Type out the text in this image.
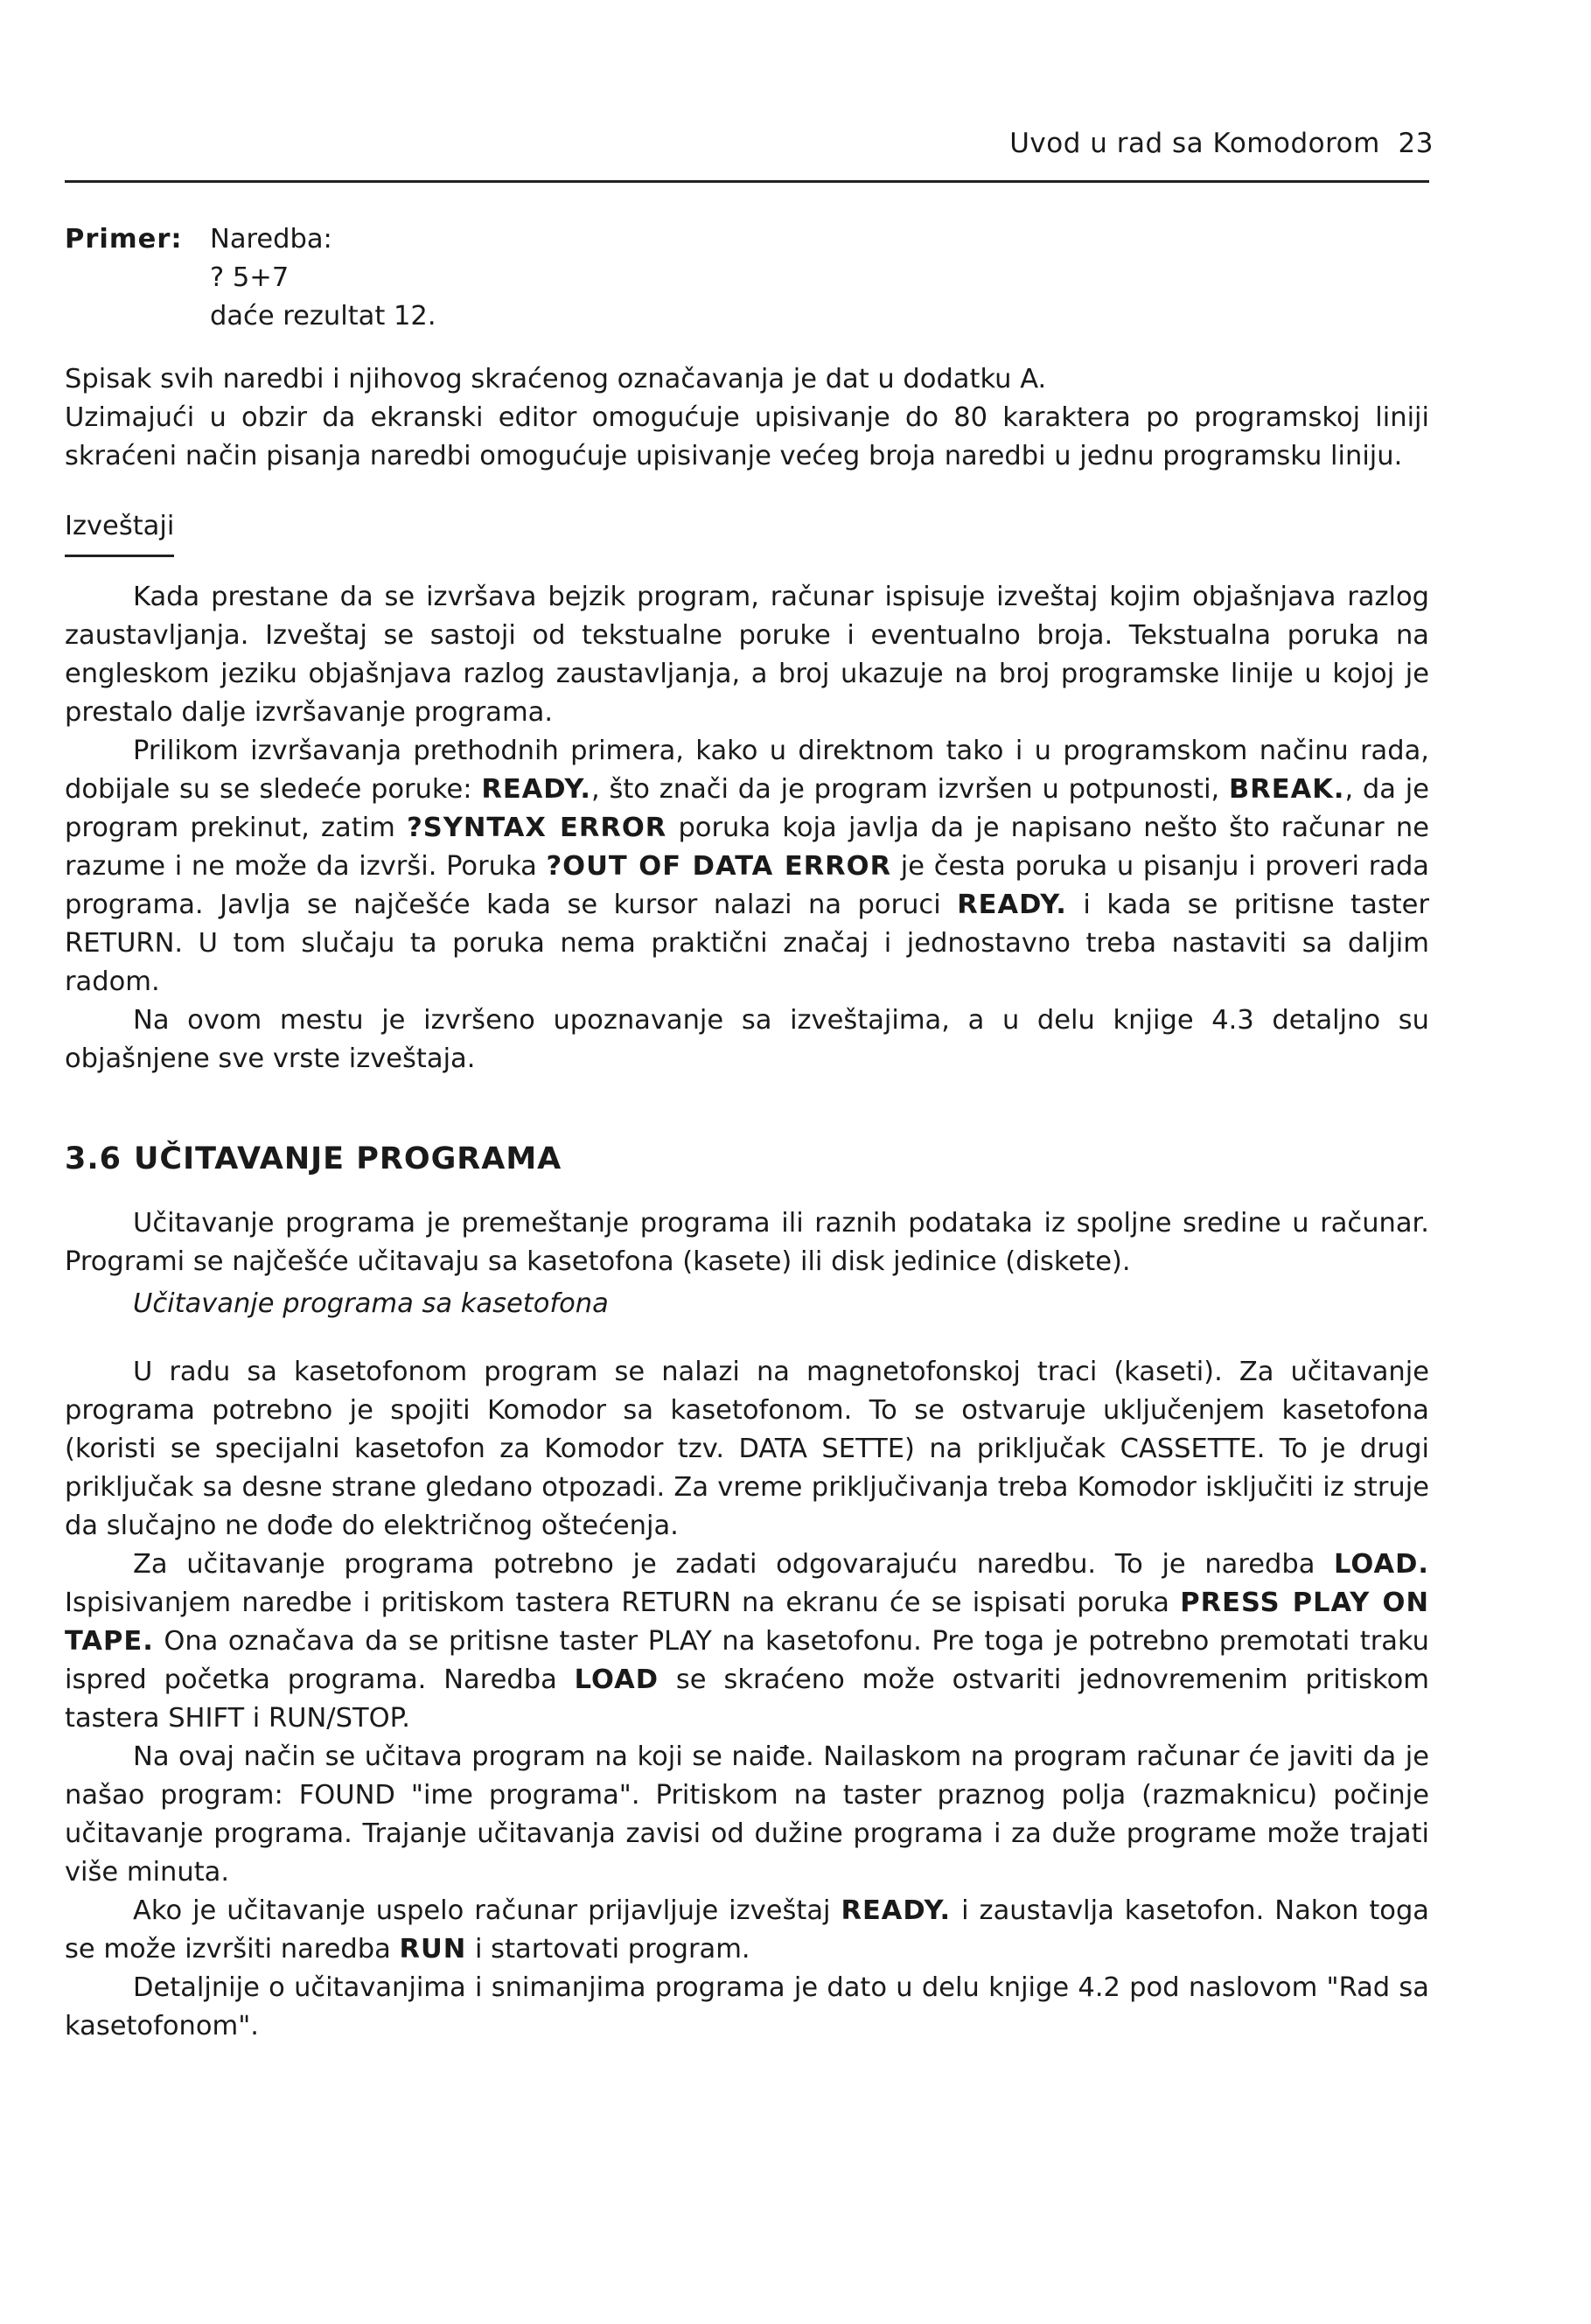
Uvod u rad sa Komodorom 23
Primer:	Naredba:
? 5+7
daće rezultat 12.

Spisak svih naredbi i njihovog skraćenog označavanja je dat u dodatku A.

Uzimajući u obzir da ekranski editor omogućuje upisivanje do 80 karaktera po programskoj liniji skraćeni način pisanja naredbi omogućuje upisivanje većeg broja naredbi u jednu programsku liniju.

Izveštaji

Kada prestane da se izvršava bejzik program, računar ispisuje izveštaj kojim objašnjava razlog zaustavljanja. Izveštaj se sastoji od tekstualne poruke i eventualno broja. Tekstualna poruka na engleskom jeziku objašnjava razlog zaustavljanja, a broj ukazuje na broj programske linije u kojoj je prestalo dalje izvršavanje programa.

Prilikom izvršavanja prethodnih primera, kako u direktnom tako i u programskom načinu rada, dobijale su se sledeće poruke: READY., što znači da je program izvršen u potpunosti, BREAK., da je program prekinut, zatim ?SYNTAX ERROR poruka koja javlja da je napisano nešto što računar ne razume i ne može da izvrši. Poruka ?OUT OF DATA ERROR je česta poruka u pisanju i proveri rada programa. Javlja se najčešće kada se kursor nalazi na poruci READY. i kada se pritisne taster RETURN. U tom slučaju ta poruka nema praktični značaj i jednostavno treba nastaviti sa daljim radom.

Na ovom mestu je izvršeno upoznavanje sa izveštajima, a u delu knjige 4.3 detaljno su objašnjene sve vrste izveštaja.

3.6 UČITAVANJE PROGRAMA

Učitavanje programa je premeštanje programa ili raznih podataka iz spoljne sredine u računar. Programi se najčešće učitavaju sa kasetofona (kasete) ili disk jedinice (diskete).

Učitavanje programa sa kasetofona

U radu sa kasetofonom program se nalazi na magnetofonskoj traci (kaseti). Za učitavanje programa potrebno je spojiti Komodor sa kasetofonom. To se ostvaruje uključenjem kasetofona (koristi se specijalni kasetofon za Komodor tzv. DATA SETTE) na priključak CASSETTE. To je drugi priključak sa desne strane gledano otpozadi. Za vreme priključivanja treba Komodor isključiti iz struje da slučajno ne dođe do električnog oštećenja.

Za učitavanje programa potrebno je zadati odgovarajuću naredbu. To je naredba LOAD. Ispisivanjem naredbe i pritiskom tastera RETURN na ekranu će se ispisati poruka PRESS PLAY ON TAPE. Ona označava da se pritisne taster PLAY na kasetofonu. Pre toga je potrebno premotati traku ispred početka programa. Naredba LOAD se skraćeno može ostvariti jednovremenim pritiskom tastera SHIFT i RUN/STOP.

Na ovaj način se učitava program na koji se naiđe. Nailaskom na program računar će javiti da je našao program: FOUND "ime programa". Pritiskom na taster praznog polja (razmaknicu) počinje učitavanje programa. Trajanje učitavanja zavisi od dužine programa i za duže programe može trajati više minuta.

Ako je učitavanje uspelo računar prijavljuje izveštaj READY. i zaustavlja kasetofon. Nakon toga se može izvršiti naredba RUN i startovati program.

Detaljnije o učitavanjima i snimanjima programa je dato u delu knjige 4.2 pod naslovom "Rad sa kasetofonom".
